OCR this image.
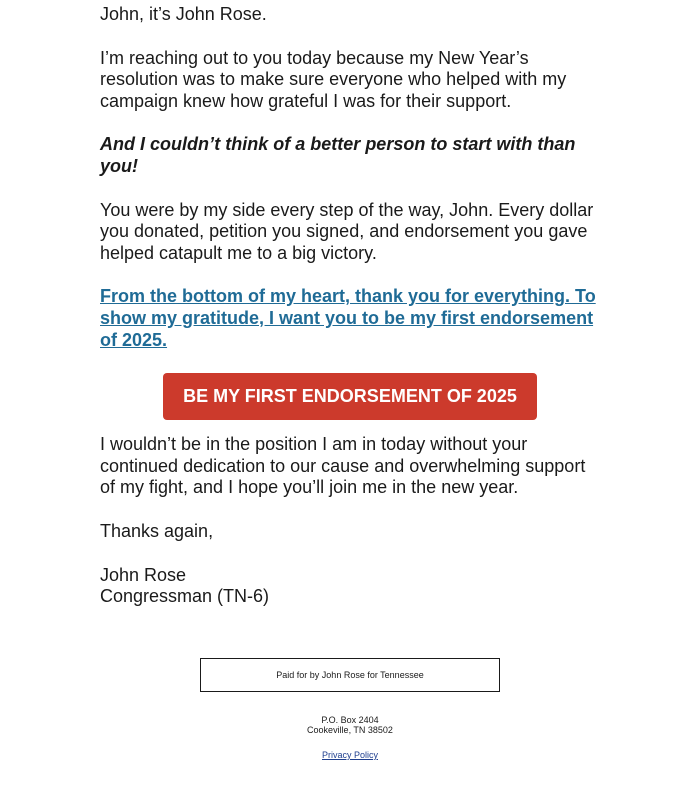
John, it’s John Rose.

I’m reaching out to you today because my New Year’s resolution was to make sure everyone who helped with my campaign knew how grateful I was for their support.

And I couldn’t think of a better person to start with than you!

You were by my side every step of the way, John. Every dollar you donated, petition you signed, and endorsement you gave helped catapult me to a big victory.

From the bottom of my heart, thank you for everything. To show my gratitude, I want you to be my first endorsement of 2025.

BE MY FIRST ENDORSEMENT OF 2025

I wouldn’t be in the position I am in today without your continued dedication to our cause and overwhelming support of my fight, and I hope you’ll join me in the new year.

Thanks again,

John Rose

Congressman (TN-6)

Paid for by John Rose for Tennessee
P.O. Box 2404
Cookeville, TN 38502
Privacy Policy
